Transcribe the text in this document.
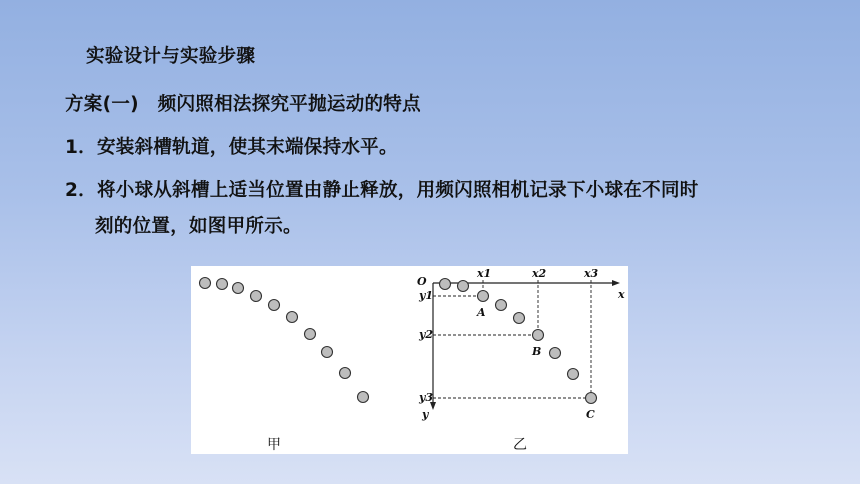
实验设计与实验步骤
方案(一)　频闪照相法探究平抛运动的特点
1．安装斜槽轨道，使其末端保持水平。
2．将小球从斜槽上适当位置由静止释放，用频闪照相机记录下小球在不同时
刻的位置，如图甲所示。
甲
O
x
y
x1	x2	x3
y1
y2
y3
A
B
C
乙
